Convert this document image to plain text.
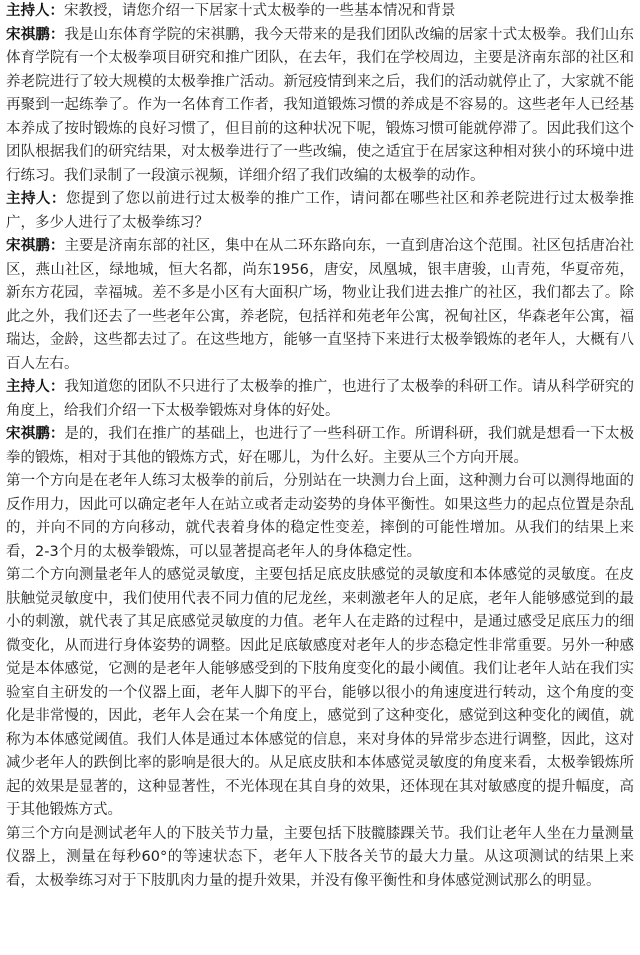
主持人：宋教授，请您介绍一下居家十式太极拳的一些基本情况和背景

宋祺鹏：我是山东体育学院的宋祺鹏，我今天带来的是我们团队改编的居家十式太极拳。我们山东体育学院有一个太极拳项目研究和推广团队，在去年，我们在学校周边，主要是济南东部的社区和养老院进行了较大规模的太极拳推广活动。新冠疫情到来之后，我们的活动就停止了，大家就不能再聚到一起练拳了。作为一名体育工作者，我知道锻炼习惯的养成是不容易的。这些老年人已经基本养成了按时锻炼的良好习惯了，但目前的这种状况下呢，锻炼习惯可能就停滞了。因此我们这个团队根据我们的研究结果，对太极拳进行了一些改编，使之适宜于在居家这种相对狭小的环境中进行练习。我们录制了一段演示视频，详细介绍了我们改编的太极拳的动作。

主持人：您提到了您以前进行过太极拳的推广工作，请问都在哪些社区和养老院进行过太极拳推广，多少人进行了太极拳练习？

宋祺鹏：主要是济南东部的社区，集中在从二环东路向东，一直到唐冶这个范围。社区包括唐冶社区，燕山社区，绿地城，恒大名都，尚东1956，唐安，凤凰城，银丰唐骏，山青苑，华夏帝苑，新东方花园，幸福城。差不多是小区有大面积广场，物业让我们进去推广的社区，我们都去了。除此之外，我们还去了一些老年公寓，养老院，包括祥和苑老年公寓，祝甸社区，华森老年公寓，福瑞达，金龄，这些都去过了。在这些地方，能够一直坚持下来进行太极拳锻炼的老年人，大概有八百人左右。

主持人：我知道您的团队不只进行了太极拳的推广，也进行了太极拳的科研工作。请从科学研究的角度上，给我们介绍一下太极拳锻炼对身体的好处。

宋祺鹏：是的，我们在推广的基础上，也进行了一些科研工作。所谓科研，我们就是想看一下太极拳的锻炼，相对于其他的锻炼方式，好在哪儿，为什么好。主要从三个方向开展。

第一个方向是在老年人练习太极拳的前后，分别站在一块测力台上面，这种测力台可以测得地面的反作用力，因此可以确定老年人在站立或者走动姿势的身体平衡性。如果这些力的起点位置是杂乱的，并向不同的方向移动，就代表着身体的稳定性变差，摔倒的可能性增加。从我们的结果上来看，2-3个月的太极拳锻炼，可以显著提高老年人的身体稳定性。

第二个方向测量老年人的感觉灵敏度，主要包括足底皮肤感觉的灵敏度和本体感觉的灵敏度。在皮肤触觉灵敏度中，我们使用代表不同力值的尼龙丝，来刺激老年人的足底，老年人能够感觉到的最小的刺激，就代表了其足底感觉灵敏度的力值。老年人在走路的过程中，是通过感受足底压力的细微变化，从而进行身体姿势的调整。因此足底敏感度对老年人的步态稳定性非常重要。另外一种感觉是本体感觉，它测的是老年人能够感受到的下肢角度变化的最小阈值。我们让老年人站在我们实验室自主研发的一个仪器上面，老年人脚下的平台，能够以很小的角速度进行转动，这个角度的变化是非常慢的，因此，老年人会在某一个角度上，感觉到了这种变化，感觉到这种变化的阈值，就称为本体感觉阈值。我们人体是通过本体感觉的信息，来对身体的异常步态进行调整，因此，这对减少老年人的跌倒比率的影响是很大的。从足底皮肤和本体感觉灵敏度的角度来看，太极拳锻炼所起的效果是显著的，这种显著性，不光体现在其自身的效果，还体现在其对敏感度的提升幅度，高于其他锻炼方式。

第三个方向是测试老年人的下肢关节力量，主要包括下肢髋膝踝关节。我们让老年人坐在力量测量仪器上，测量在每秒60°的等速状态下，老年人下肢各关节的最大力量。从这项测试的结果上来看，太极拳练习对于下肢肌肉力量的提升效果，并没有像平衡性和身体感觉测试那么的明显。
